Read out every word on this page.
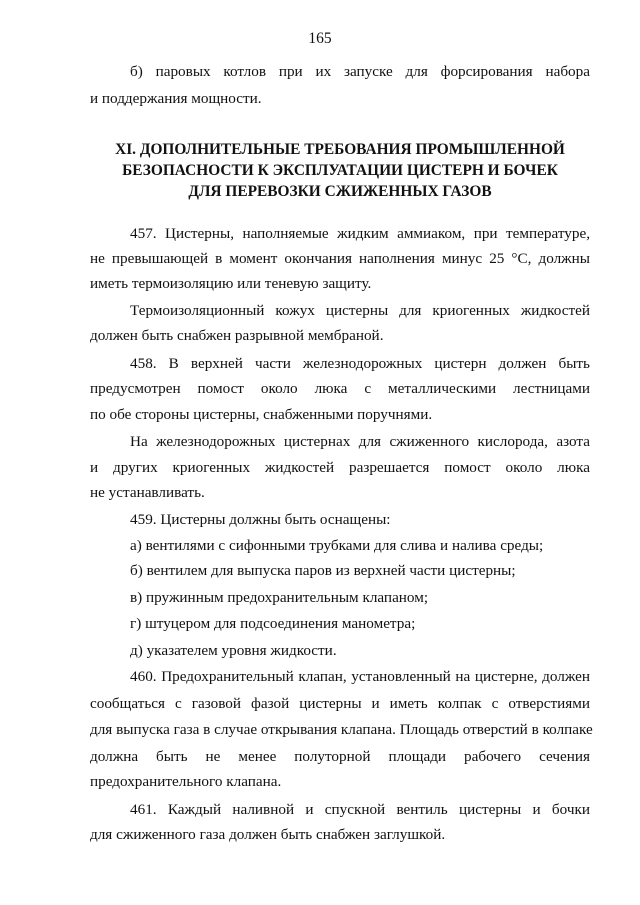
165
б) паровых котлов при их запуске для форсирования набора
и поддержания мощности.
XI. ДОПОЛНИТЕЛЬНЫЕ ТРЕБОВАНИЯ ПРОМЫШЛЕННОЙ
БЕЗОПАСНОСТИ К ЭКСПЛУАТАЦИИ ЦИСТЕРН И БОЧЕК
ДЛЯ ПЕРЕВОЗКИ СЖИЖЕННЫХ ГАЗОВ
457. Цистерны, наполняемые жидким аммиаком, при температуре,
не превышающей в момент окончания наполнения минус 25 °С, должны
иметь термоизоляцию или теневую защиту.
Термоизоляционный кожух цистерны для криогенных жидкостей
должен быть снабжен разрывной мембраной.
458. В верхней части железнодорожных цистерн должен быть
предусмотрен помост около люка с металлическими лестницами
по обе стороны цистерны, снабженными поручнями.
На железнодорожных цистернах для сжиженного кислорода, азота
и других криогенных жидкостей разрешается помост около люка
не устанавливать.
459. Цистерны должны быть оснащены:
а) вентилями с сифонными трубками для слива и налива среды;
б) вентилем для выпуска паров из верхней части цистерны;
в) пружинным предохранительным клапаном;
г) штуцером для подсоединения манометра;
д) указателем уровня жидкости.
460. Предохранительный клапан, установленный на цистерне, должен
сообщаться с газовой фазой цистерны и иметь колпак с отверстиями
для выпуска газа в случае открывания клапана. Площадь отверстий в колпаке
должна быть не менее полуторной площади рабочего сечения
предохранительного клапана.
461. Каждый наливной и спускной вентиль цистерны и бочки
для сжиженного газа должен быть снабжен заглушкой.
